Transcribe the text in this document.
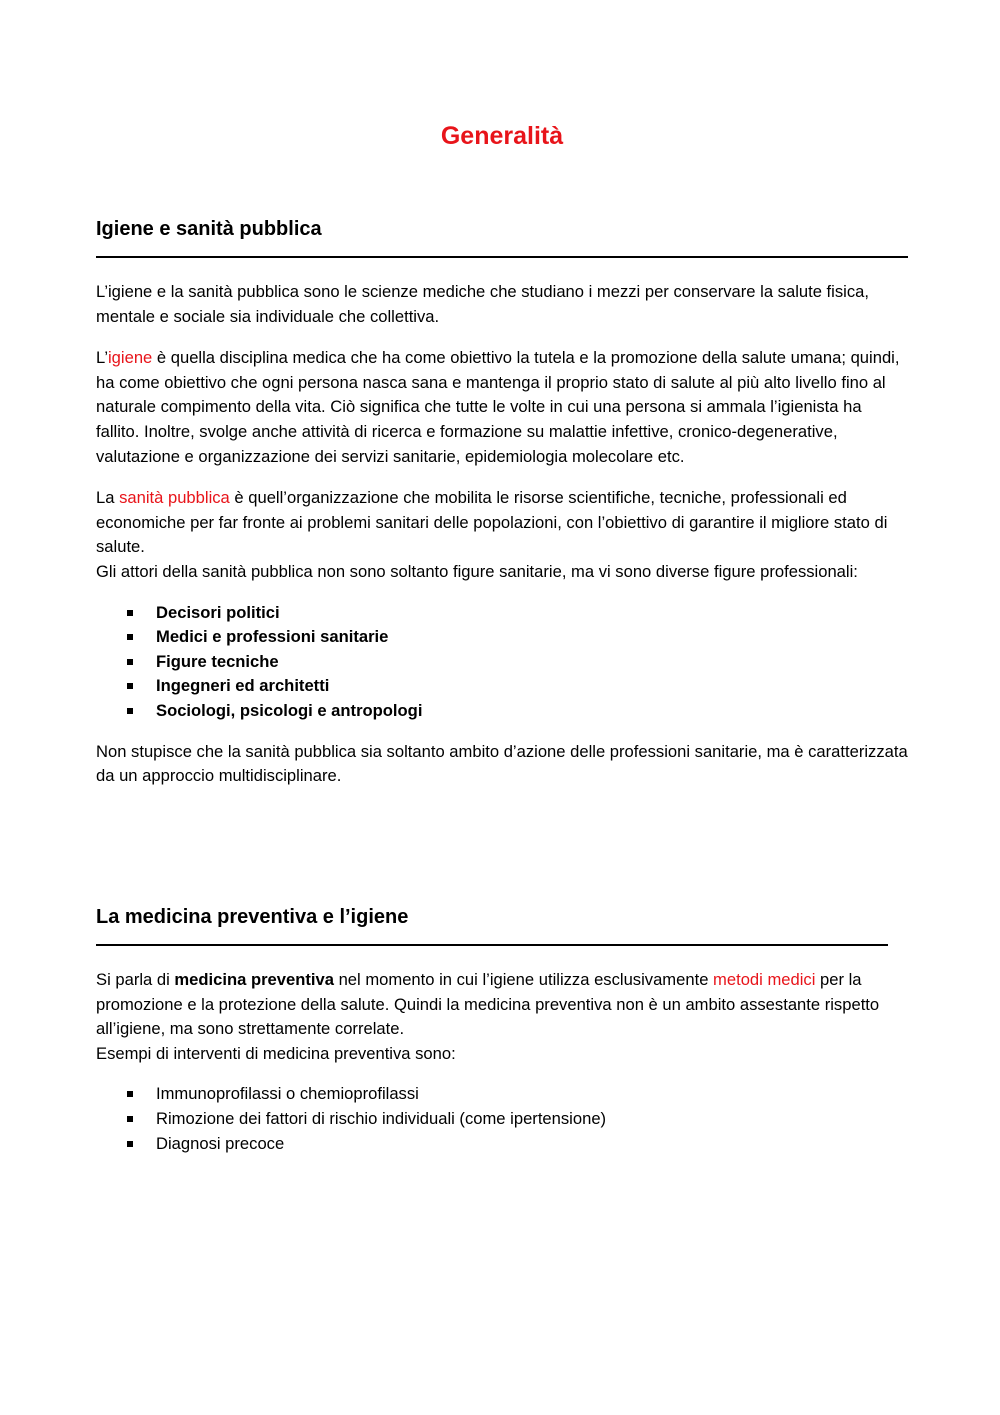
Generalità
Igiene e sanità pubblica

L’igiene e la sanità pubblica sono le scienze mediche che studiano i mezzi per conservare la salute fisica, mentale e sociale sia individuale che collettiva.

L’igiene è quella disciplina medica che ha come obiettivo la tutela e la promozione della salute umana; quindi, ha come obiettivo che ogni persona nasca sana e mantenga il proprio stato di salute al più alto livello fino al naturale compimento della vita. Ciò significa che tutte le volte in cui una persona si ammala l’igienista ha fallito. Inoltre, svolge anche attività di ricerca e formazione su malattie infettive, cronico-degenerative, valutazione e organizzazione dei servizi sanitarie, epidemiologia molecolare etc.

La sanità pubblica è quell’organizzazione che mobilita le risorse scientifiche, tecniche, professionali ed economiche per far fronte ai problemi sanitari delle popolazioni, con l’obiettivo di garantire il migliore stato di salute.

Gli attori della sanità pubblica non sono soltanto figure sanitarie, ma vi sono diverse figure professionali:

Decisori politici
Medici e professioni sanitarie
Figure tecniche
Ingegneri ed architetti
Sociologi, psicologi e antropologi

Non stupisce che la sanità pubblica sia soltanto ambito d’azione delle professioni sanitarie, ma è caratterizzata da un approccio multidisciplinare.

La medicina preventiva e l’igiene

Si parla di medicina preventiva nel momento in cui l’igiene utilizza esclusivamente metodi medici per la promozione e la protezione della salute. Quindi la medicina preventiva non è un ambito assestante rispetto all’igiene, ma sono strettamente correlate.

Esempi di interventi di medicina preventiva sono:

Immunoprofilassi o chemioprofilassi
Rimozione dei fattori di rischio individuali (come ipertensione)
Diagnosi precoce
